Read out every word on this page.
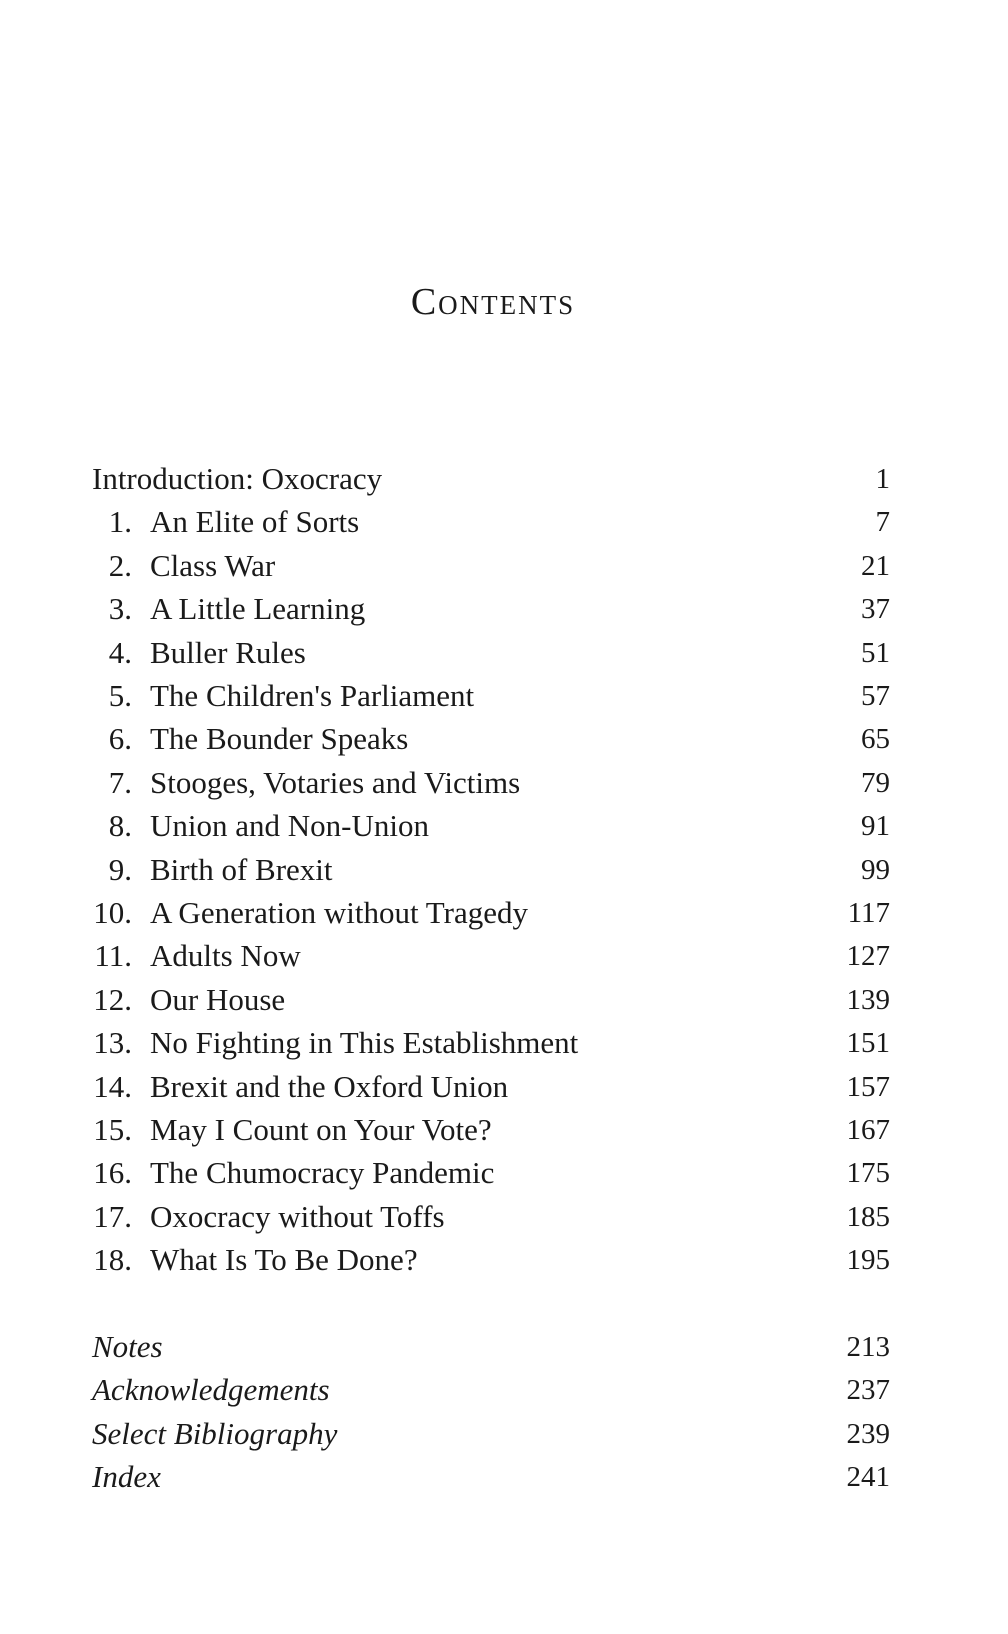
Contents
Introduction: Oxocracy	1
1. An Elite of Sorts	7
2. Class War	21
3. A Little Learning	37
4. Buller Rules	51
5. The Children's Parliament	57
6. The Bounder Speaks	65
7. Stooges, Votaries and Victims	79
8. Union and Non-Union	91
9. Birth of Brexit	99
10. A Generation without Tragedy	117
11. Adults Now	127
12. Our House	139
13. No Fighting in This Establishment	151
14. Brexit and the Oxford Union	157
15. May I Count on Your Vote?	167
16. The Chumocracy Pandemic	175
17. Oxocracy without Toffs	185
18. What Is To Be Done?	195
Notes	213
Acknowledgements	237
Select Bibliography	239
Index	241
